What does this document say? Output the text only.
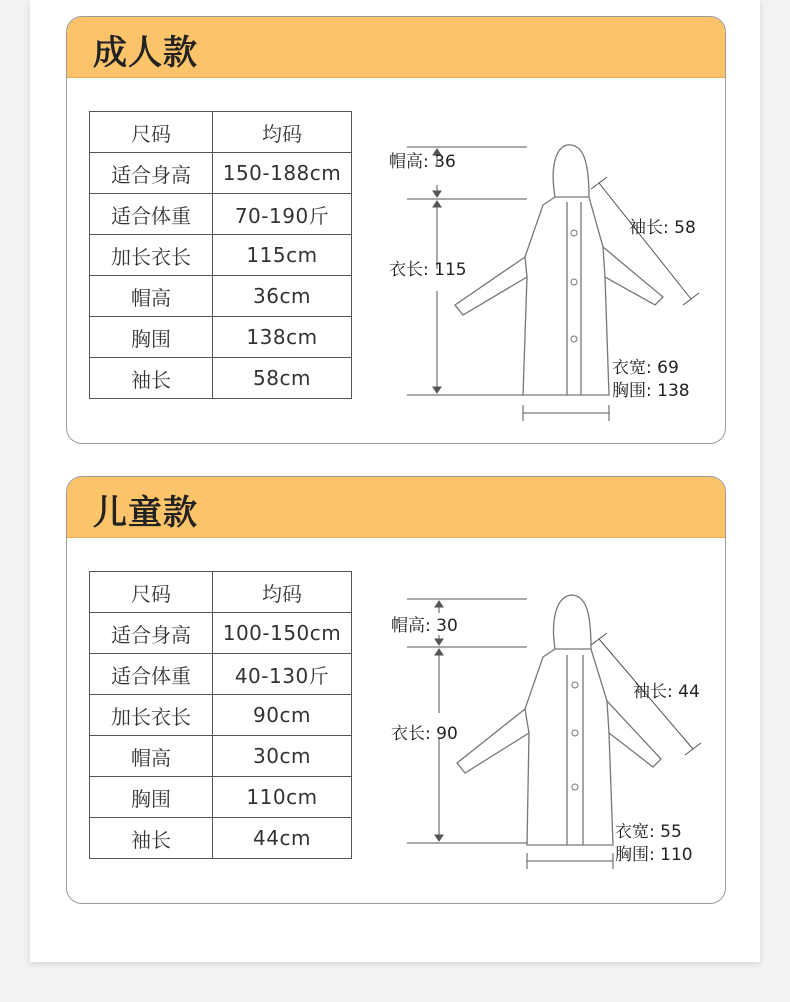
成人款
尺码	均码
适合身高	150-188cm
适合体重	70-190斤
加长衣长	115cm
帽高	36cm
胸围	138cm
袖长	58cm
帽高: 36
袖长: 58
衣长: 115
衣宽: 69
胸围: 138
儿童款
尺码	均码
适合身高	100-150cm
适合体重	40-130斤
加长衣长	90cm
帽高	30cm
胸围	110cm
袖长	44cm
帽高: 30
袖长: 44
衣长: 90
衣宽: 55
胸围: 110
